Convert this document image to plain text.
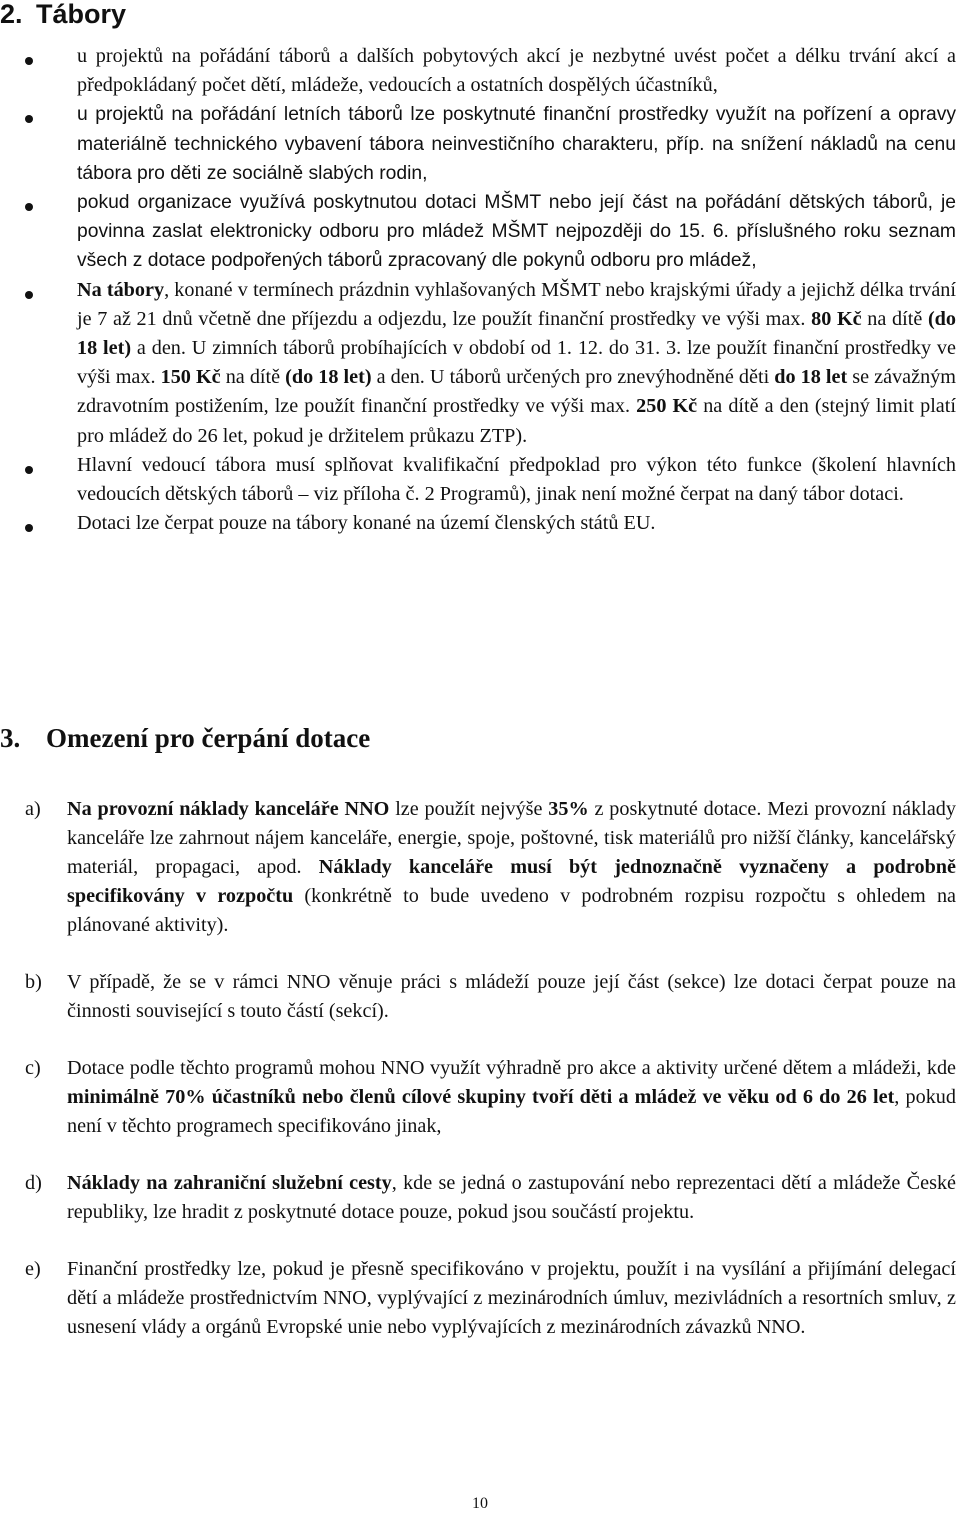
2. Tábory

u projektů na pořádání táborů a dalších pobytových akcí je nezbytné uvést počet a délku trvání akcí a předpokládaný počet dětí, mládeže, vedoucích a ostatních dospělých účastníků,

u projektů na pořádání letních táborů lze poskytnuté finanční prostředky využít na pořízení a opravy materiálně technického vybavení tábora neinvestičního charakteru, příp. na snížení nákladů na cenu tábora pro děti ze sociálně slabých rodin,

pokud organizace využívá poskytnutou dotaci MŠMT nebo její část na pořádání dětských táborů, je povinna zaslat elektronicky odboru pro mládež MŠMT nejpozději do 15. 6. příslušného roku seznam všech z dotace podpořených táborů zpracovaný dle pokynů odboru pro mládež,

Na tábory, konané v termínech prázdnin vyhlašovaných MŠMT nebo krajskými úřady a jejichž délka trvání je 7 až 21 dnů včetně dne příjezdu a odjezdu, lze použít finanční prostředky ve výši max. 80 Kč na dítě (do 18 let) a den. U zimních táborů probíhajících v období od 1. 12. do 31. 3. lze použít finanční prostředky ve výši max. 150 Kč na dítě (do 18 let) a den. U táborů určených pro znevýhodněné děti do 18 let se závažným zdravotním postižením, lze použít finanční prostředky ve výši max. 250 Kč na dítě a den (stejný limit platí pro mládež do 26 let, pokud je držitelem průkazu ZTP).

Hlavní vedoucí tábora musí splňovat kvalifikační předpoklad pro výkon této funkce (školení hlavních vedoucích dětských táborů – viz příloha č. 2 Programů), jinak není možné čerpat na daný tábor dotaci.

Dotaci lze čerpat pouze na tábory konané na území členských států EU.

3. Omezení pro čerpání dotace
a) Na provozní náklady kanceláře NNO lze použít nejvýše 35% z poskytnuté dotace. Mezi provozní náklady kanceláře lze zahrnout nájem kanceláře, energie, spoje, poštovné, tisk materiálů pro nižší články, kancelářský materiál, propagaci, apod. Náklady kanceláře musí být jednoznačně vyznačeny a podrobně specifikovány v rozpočtu (konkrétně to bude uvedeno v podrobném rozpisu rozpočtu s ohledem na plánované aktivity).

b) V případě, že se v rámci NNO věnuje práci s mládeží pouze její část (sekce) lze dotaci čerpat pouze na činnosti související s touto částí (sekcí).

c) Dotace podle těchto programů mohou NNO využít výhradně pro akce a aktivity určené dětem a mládeži, kde minimálně 70% účastníků nebo členů cílové skupiny tvoří děti a mládež ve věku od 6 do 26 let, pokud není v těchto programech specifikováno jinak,

d) Náklady na zahraniční služební cesty, kde se jedná o zastupování nebo reprezentaci dětí a mládeže České republiky, lze hradit z poskytnuté dotace pouze, pokud jsou součástí projektu.

e) Finanční prostředky lze, pokud je přesně specifikováno v projektu, použít i na vysílání a přijímání delegací dětí a mládeže prostřednictvím NNO, vyplývající z mezinárodních úmluv, mezivládních a resortních smluv, z usnesení vlády a orgánů Evropské unie nebo vyplývajících z mezinárodních závazků NNO.

10
